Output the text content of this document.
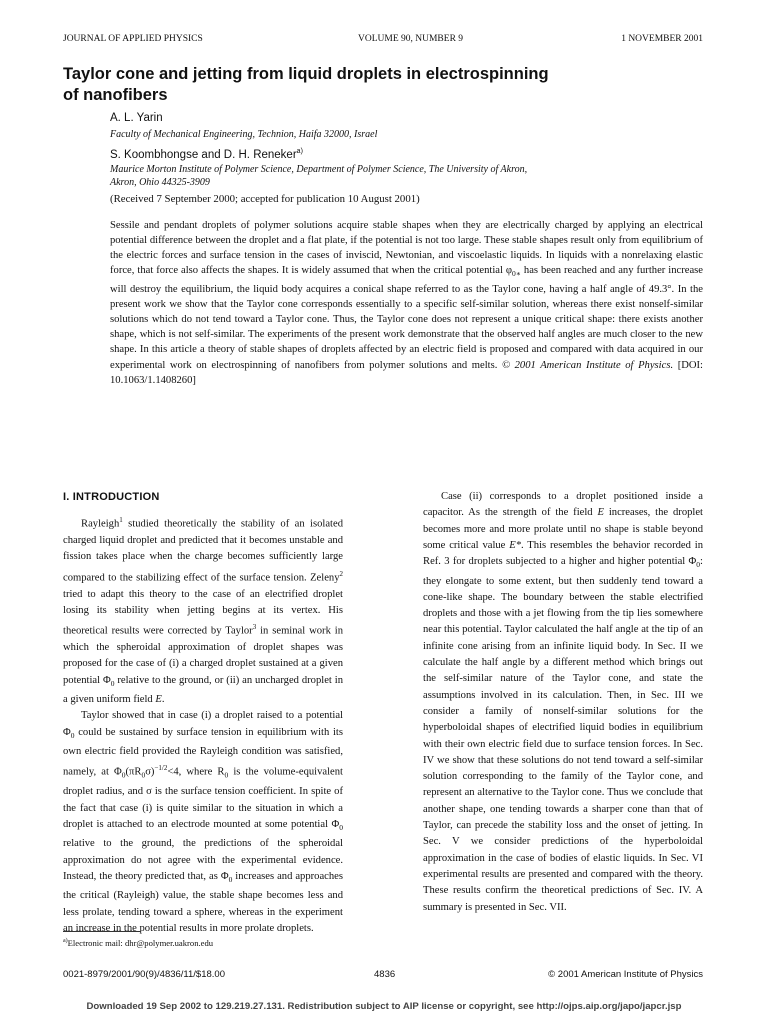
JOURNAL OF APPLIED PHYSICS	VOLUME 90, NUMBER 9	1 NOVEMBER 2001
Taylor cone and jetting from liquid droplets in electrospinning
of nanofibers
A. L. Yarin
Faculty of Mechanical Engineering, Technion, Haifa 32000, Israel
S. Koombhongse and D. H. Reneker$^{a)}$
Maurice Morton Institute of Polymer Science, Department of Polymer Science, The University of Akron,
Akron, Ohio 44325-3909
(Received 7 September 2000; accepted for publication 10 August 2001)
Sessile and pendant droplets of polymer solutions acquire stable shapes when they are electrically charged by applying an electrical potential difference between the droplet and a flat plate, if the potential is not too large. These stable shapes result only from equilibrium of the electric forces and surface tension in the cases of inviscid, Newtonian, and viscoelastic liquids. In liquids with a nonrelaxing elastic force, that force also affects the shapes. It is widely assumed that when the critical potential $\varphi_{0∗}$ has been reached and any further increase will destroy the equilibrium, the liquid body acquires a conical shape referred to as the Taylor cone, having a half angle of 49.3°. In the present work we show that the Taylor cone corresponds essentially to a specific self-similar solution, whereas there exist nonself-similar solutions which do not tend toward a Taylor cone. Thus, the Taylor cone does not represent a unique critical shape: there exists another shape, which is not self-similar. The experiments of the present work demonstrate that the observed half angles are much closer to the new shape. In this article a theory of stable shapes of droplets affected by an electric field is proposed and compared with data acquired in our experimental work on electrospinning of nanofibers from polymer solutions and melts. © 2001 American Institute of Physics. [DOI: 10.1063/1.1408260]

I. INTRODUCTION

Rayleigh$^1$ studied theoretically the stability of an isolated charged liquid droplet and predicted that it becomes unstable and fission takes place when the charge becomes sufficiently large compared to the stabilizing effect of the surface tension. Zeleny$^2$ tried to adapt this theory to the case of an electrified droplet losing its stability when jetting begins at its vertex. His theoretical results were corrected by Taylor$^3$ in seminal work in which the spheroidal approximation of droplet shapes was proposed for the case of (i) a charged droplet sustained at a given potential $\Phi_0$ relative to the ground, or (ii) an uncharged droplet in a given uniform field E.

Taylor showed that in case (i) a droplet raised to a potential $\Phi_0$ could be sustained by surface tension in equilibrium with its own electric field provided the Rayleigh condition was satisfied, namely, at $\Phi_0(\pi R_0\sigma)^{-1/2}<4$, where $R_0$ is the volume-equivalent droplet radius, and σ is the surface tension coefficient. In spite of the fact that case (i) is quite similar to the situation in which a droplet is attached to an electrode mounted at some potential $\Phi_0$ relative to the ground, the predictions of the spheroidal approximation do not agree with the experimental evidence. Instead, the theory predicted that, as $\Phi_0$ increases and approaches the critical (Rayleigh) value, the stable shape becomes less and less prolate, tending toward a sphere, whereas in the experiment an increase in the potential results in more prolate droplets.

Case (ii) corresponds to a droplet positioned inside a capacitor. As the strength of the field E increases, the droplet becomes more and more prolate until no shape is stable beyond some critical value E*. This resembles the behavior recorded in Ref. 3 for droplets subjected to a higher and higher potential $\Phi_0$: they elongate to some extent, but then suddenly tend toward a cone-like shape. The boundary between the stable electrified droplets and those with a jet flowing from the tip lies somewhere near this potential. Taylor calculated the half angle at the tip of an infinite cone arising from an infinite liquid body. In Sec. II we calculate the half angle by a different method which brings out the self-similar nature of the Taylor cone, and state the assumptions involved in its calculation. Then, in Sec. III we consider a family of nonself-similar solutions for the hyperboloidal shapes of electrified liquid bodies in equilibrium with their own electric field due to surface tension forces. In Sec. IV we show that these solutions do not tend toward a self-similar solution corresponding to the family of the Taylor cone, and represent an alternative to the Taylor cone. Thus we conclude that another shape, one tending towards a sharper cone than that of Taylor, can precede the stability loss and the onset of jetting. In Sec. V we consider predictions of the hyperboloidal approximation in the case of bodies of elastic liquids. In Sec. VI experimental results are presented and compared with the theory. These results confirm the theoretical predictions of Sec. IV. A summary is presented in Sec. VII.

$^{a)}$Electronic mail: dhr@polymer.uakron.edu
0021-8979/2001/90(9)/4836/11/$18.00	4836	© 2001 American Institute of Physics
Downloaded 19 Sep 2002 to 129.219.27.131. Redistribution subject to AIP license or copyright, see http://ojps.aip.org/japo/japcr.jsp
